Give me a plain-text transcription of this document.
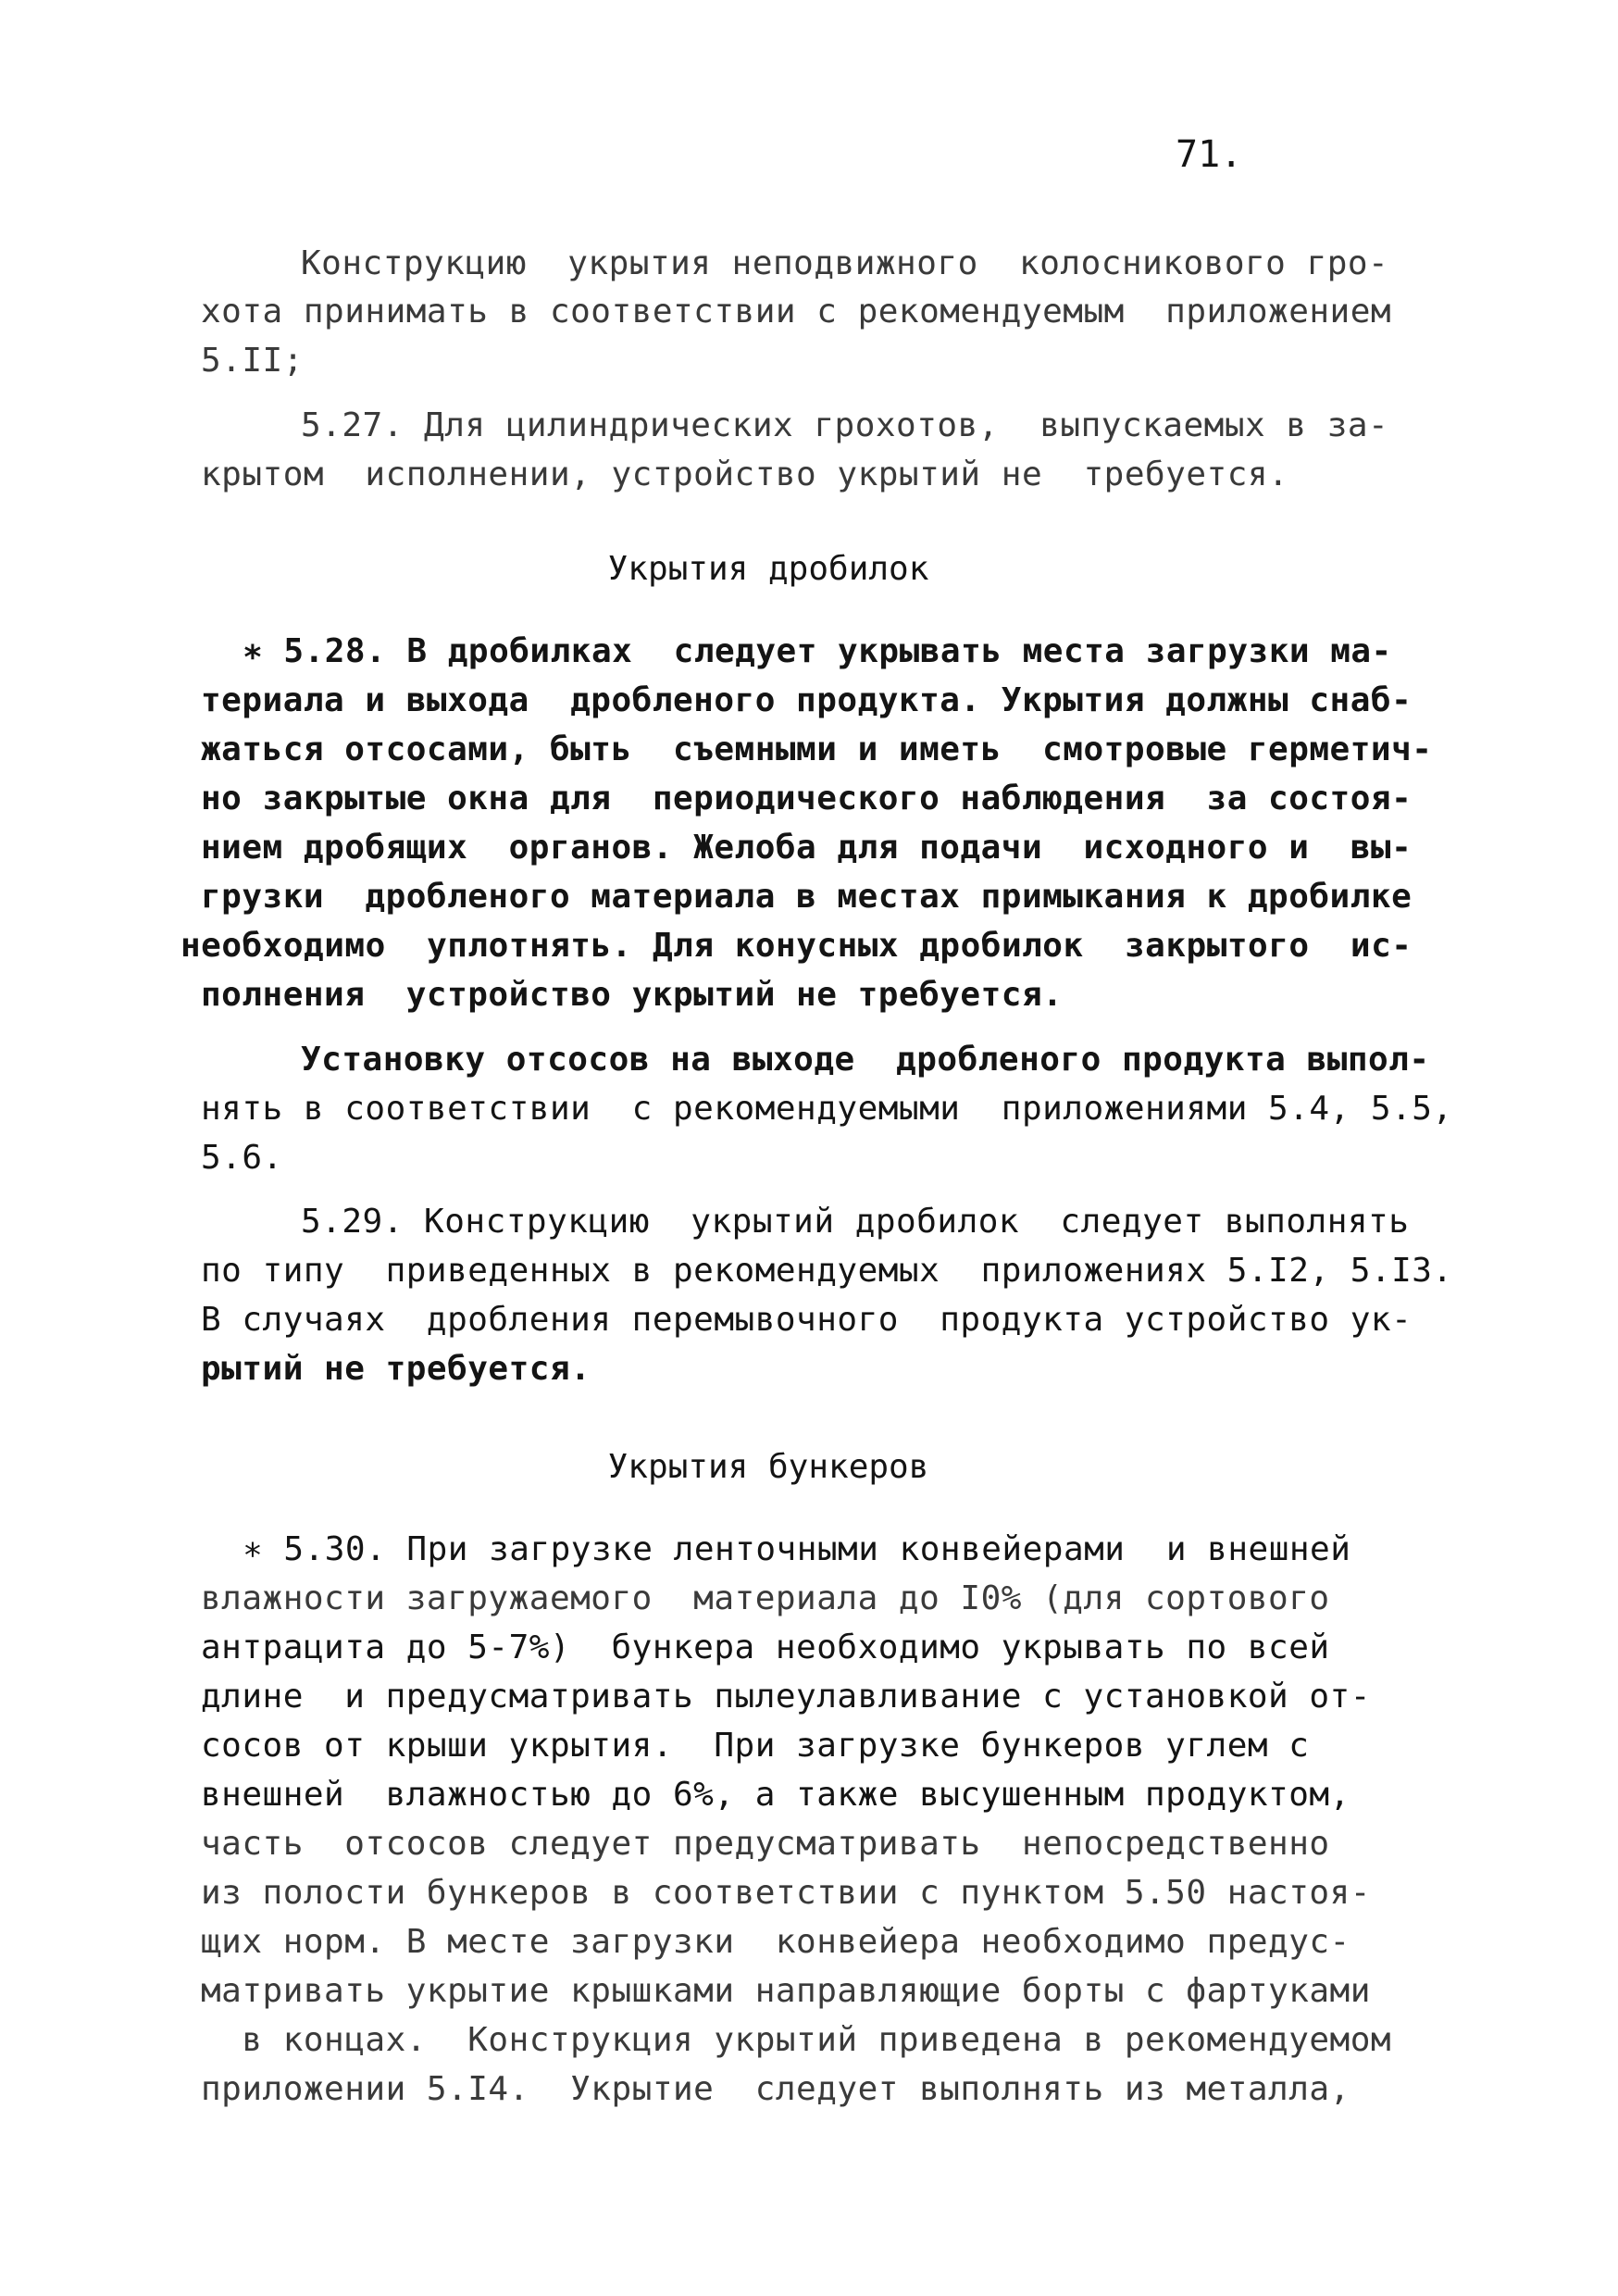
71.
Конструкцию  укрытия неподвижного  колосникового гро-
хота принимать в соответствии с рекомендуемым  приложением
5.II;
5.27. Для цилиндрических грохотов,  выпускаемых в за-
крытом  исполнении, устройство укрытий не  требуется.
Укрытия дробилок
∗ 5.28. В дробилках  следует укрывать места загрузки ма-
териала и выхода  дробленого продукта. Укрытия должны снаб-
жаться отсосами, быть  съемными и иметь  смотровые герметич-
но закрытые окна для  периодического наблюдения  за состоя-
нием дробящих  органов. Желоба для подачи  исходного и  вы-
грузки  дробленого материала в местах примыкания к дробилке
необходимо  уплотнять. Для конусных дробилок  закрытого  ис-
полнения  устройство укрытий не требуется.
Установку отсосов на выходе  дробленого продукта выпол-
нять в соответствии  с рекомендуемыми  приложениями 5.4, 5.5,
5.6.
5.29. Конструкцию  укрытий дробилок  следует выполнять
по типу  приведенных в рекомендуемых  приложениях 5.I2, 5.I3.
В случаях  дробления перемывочного  продукта устройство ук-
рытий не требуется.
Укрытия бункеров
∗ 5.30. При загрузке ленточными конвейерами  и внешней
влажности загружаемого  материала до I0% (для сортового
антрацита до 5-7%)  бункера необходимо укрывать по всей
длине  и предусматривать пылеулавливание с установкой от-
сосов от крыши укрытия.  При загрузке бункеров углем с
внешней  влажностью до 6%, а также высушенным продуктом,
часть  отсосов следует предусматривать  непосредственно
из полости бункеров в соответствии с пунктом 5.50 настоя-
щих норм. В месте загрузки  конвейера необходимо предус-
матривать укрытие крышками направляющие борты с фартуками
в концах.  Конструкция укрытий приведена в рекомендуемом
приложении 5.I4.  Укрытие  следует выполнять из металла,
